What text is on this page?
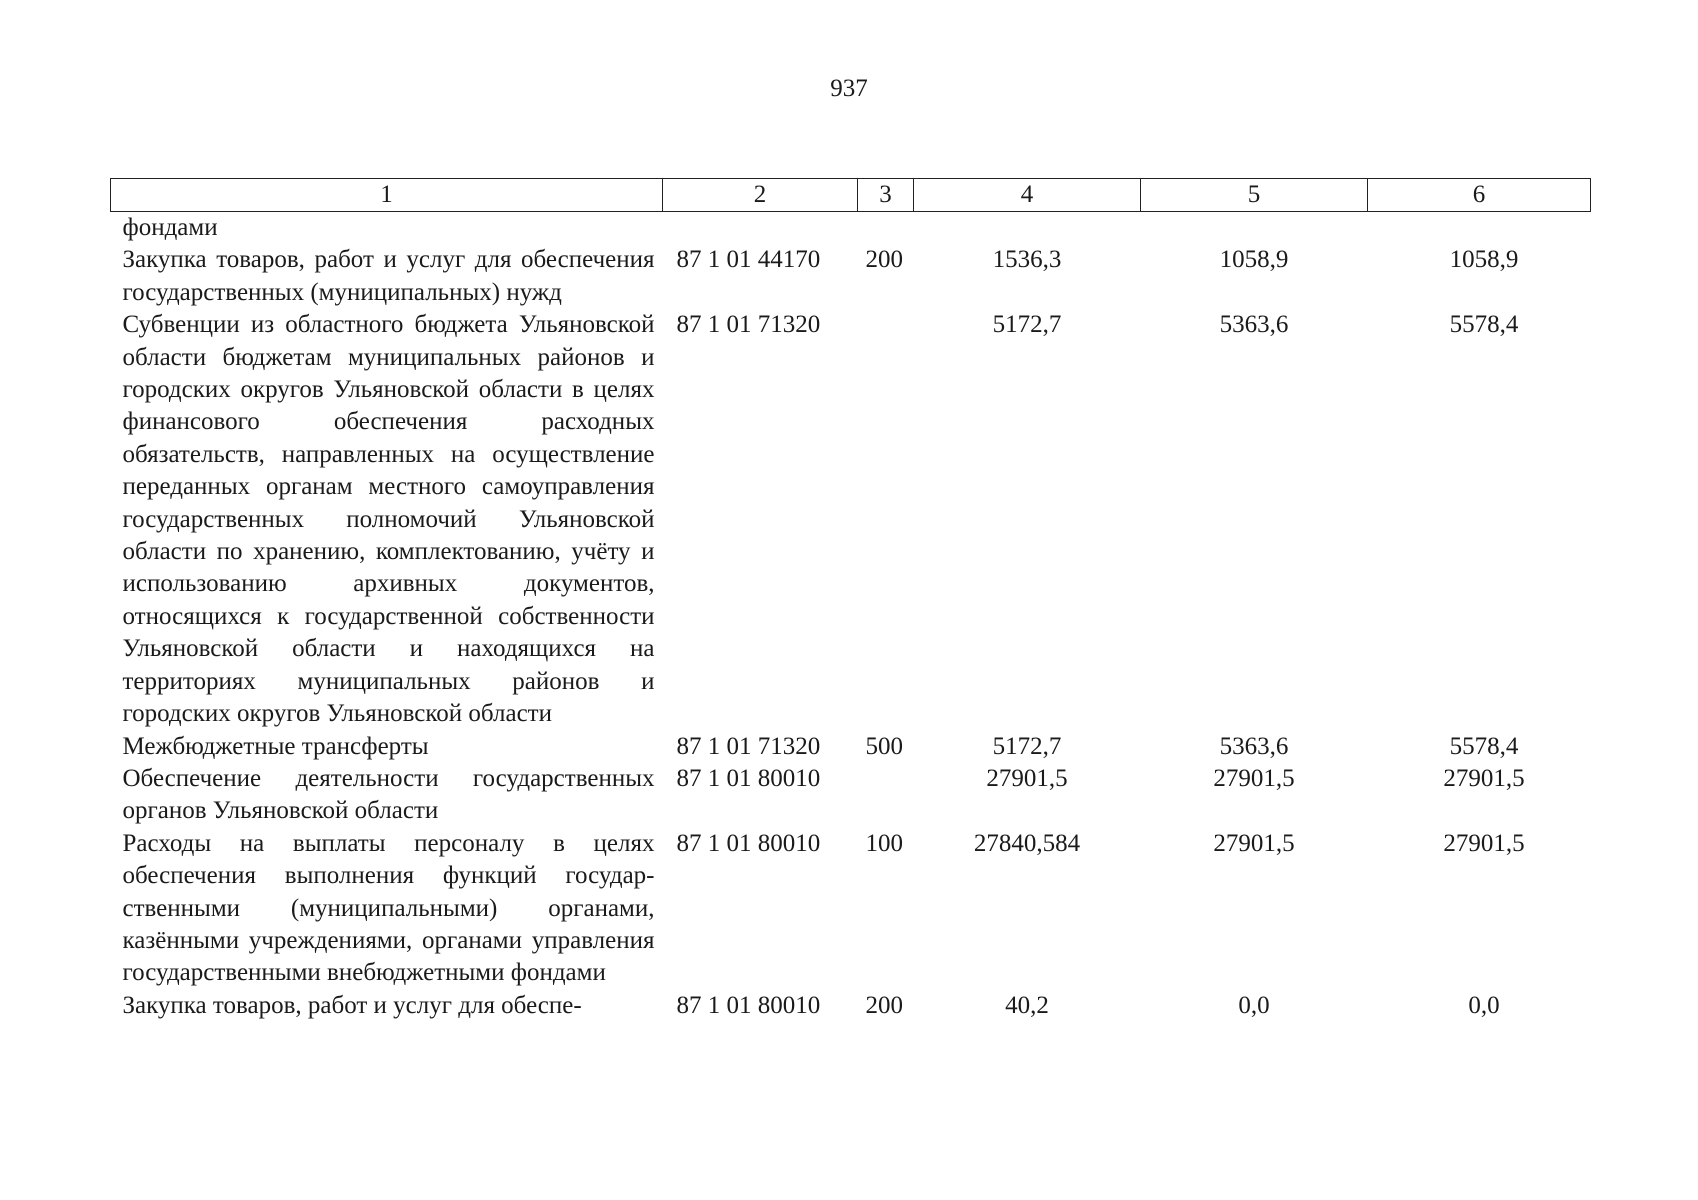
937
1	2	3	4	5	6
фондами					
Закупка товаров, работ и услуг для обеспечения государственных (муниципальных) нужд	87 1 01 44170	200	1536,3	1058,9	1058,9
Субвенции из областного бюджета Ульяновской области бюджетам муниципальных районов и городских округов Ульяновской области в целях финансового обеспечения расходных обязательств, направленных на осуществление переданных органам местного самоуправления государственных полномочий Ульяновской области по хранению, комплектованию, учёту и использованию архивных документов, относящихся к государственной собственности Ульяновской области и находящихся на территориях муниципальных районов и городских округов Ульяновской области	87 1 01 71320		5172,7	5363,6	5578,4
Межбюджетные трансферты	87 1 01 71320	500	5172,7	5363,6	5578,4
Обеспечение деятельности государственных органов Ульяновской области	87 1 01 80010		27901,5	27901,5	27901,5
Расходы на выплаты персоналу в целях обеспечения выполнения функций государственными (муниципальными) органами, казёнными учреждениями, органами управления государственными внебюджетными фондами	87 1 01 80010	100	27840,584	27901,5	27901,5
Закупка товаров, работ и услуг для обеспе-	87 1 01 80010	200	40,2	0,0	0,0
